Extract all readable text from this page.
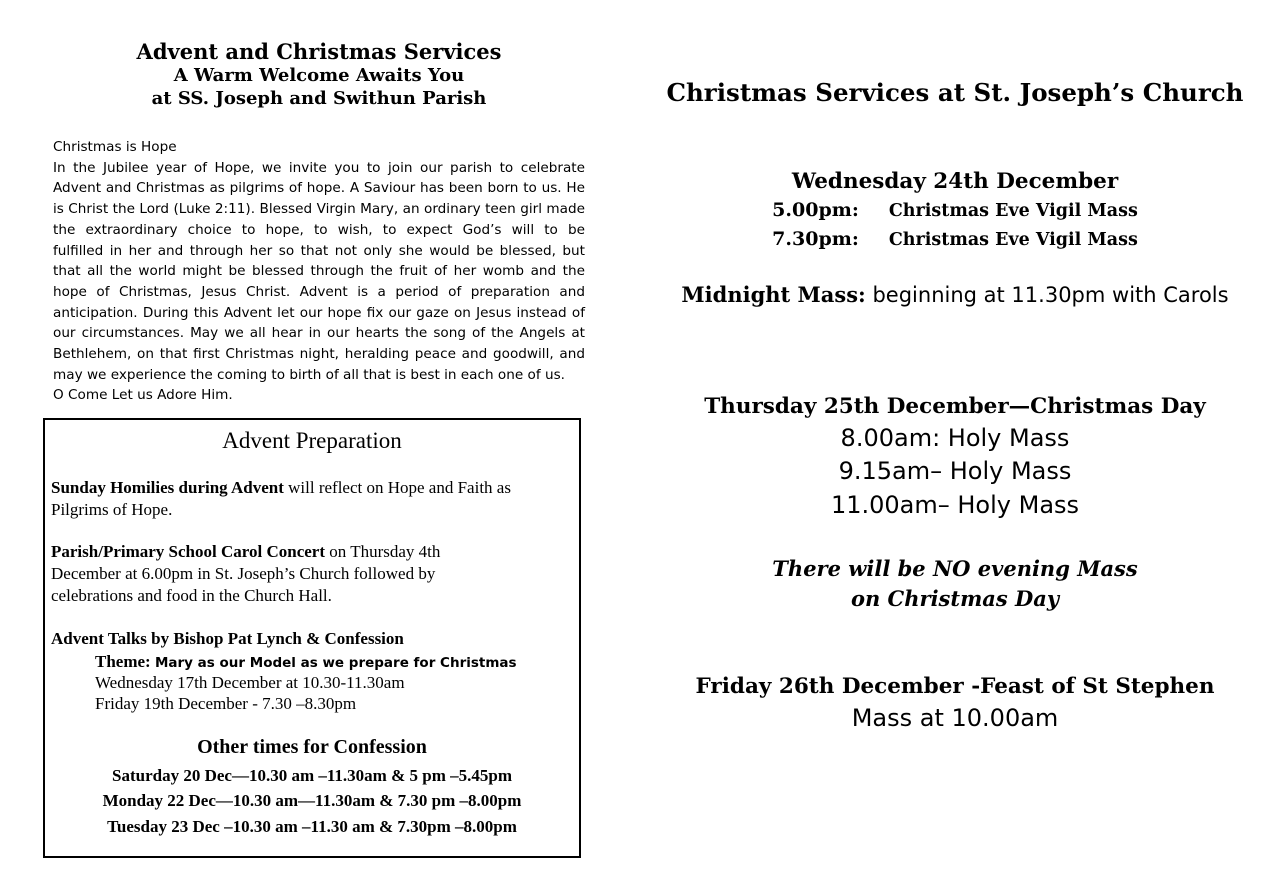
Advent and Christmas Services
A Warm Welcome Awaits You
at SS. Joseph and Swithun Parish

Christmas is Hope

In the Jubilee year of Hope, we invite you to join our parish to celebrate

Advent and Christmas as pilgrims of hope. A Saviour has been born to us. He

is Christ the Lord (Luke 2:11). Blessed Virgin Mary, an ordinary teen girl made

the extraordinary choice to hope, to wish, to expect God’s will to be

fulfilled in her and through her so that not only she would be blessed, but

that all the world might be blessed through the fruit of her womb and the

hope of Christmas, Jesus Christ. Advent is a period of preparation and

anticipation. During this Advent let our hope fix our gaze on Jesus instead of

our circumstances. May we all hear in our hearts the song of the Angels at

Bethlehem, on that first Christmas night, heralding peace and goodwill, and

may we experience the coming to birth of all that is best in each one of us.

O Come Let us Adore Him.

Advent Preparation
Sunday Homilies during Advent will reflect on Hope and Faith as
Pilgrims of Hope.
Parish/Primary School Carol Concert on Thursday 4th
December at 6.00pm in St. Joseph’s Church followed by
celebrations and food in the Church Hall.
Advent Talks by Bishop Pat Lynch & Confession
Theme: Mary as our Model as we prepare for Christmas
Wednesday 17th December at 10.30-11.30am
Friday 19th December - 7.30 –8.30pm
Other times for Confession
Saturday 20 Dec—10.30 am –11.30am & 5 pm –5.45pm
Monday 22 Dec—10.30 am—11.30am & 7.30 pm –8.00pm
Tuesday 23 Dec –10.30 am –11.30 am & 7.30pm –8.00pm
Christmas Services at St. Joseph’s Church
Wednesday 24th December
5.00pm: Christmas Eve Vigil Mass
7.30pm: Christmas Eve Vigil Mass
Midnight Mass: beginning at 11.30pm with Carols
Thursday 25th December—Christmas Day
8.00am: Holy Mass
9.15am– Holy Mass
11.00am– Holy Mass
There will be NO evening Mass
on Christmas Day
Friday 26th December -Feast of St Stephen
Mass at 10.00am
